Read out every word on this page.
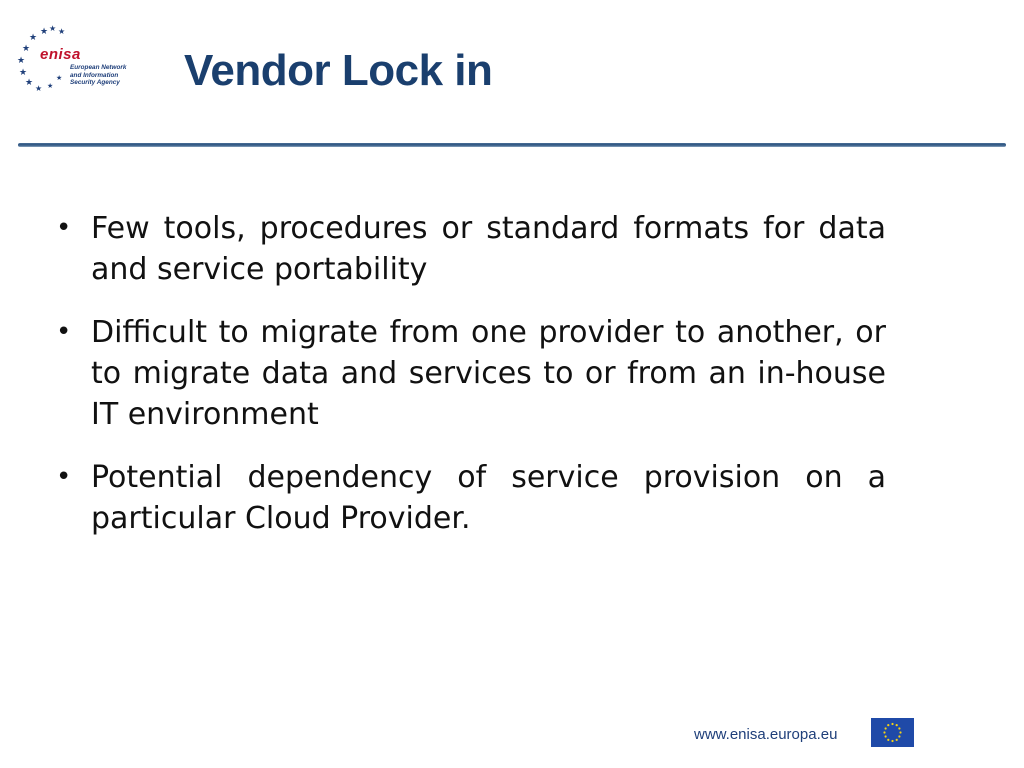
★ ★ ★
★
★
★
★
★
★ ★
★
enisa
European Network
and Information
Security Agency	Vendor Lock in
• Few tools, procedures or standard formats for data and service portability
• Difficult to migrate from one provider to another, or to migrate data and services to or from an in-house IT environment
• Potential dependency of service provision on a particular Cloud Provider.
www.enisa.europa.eu
